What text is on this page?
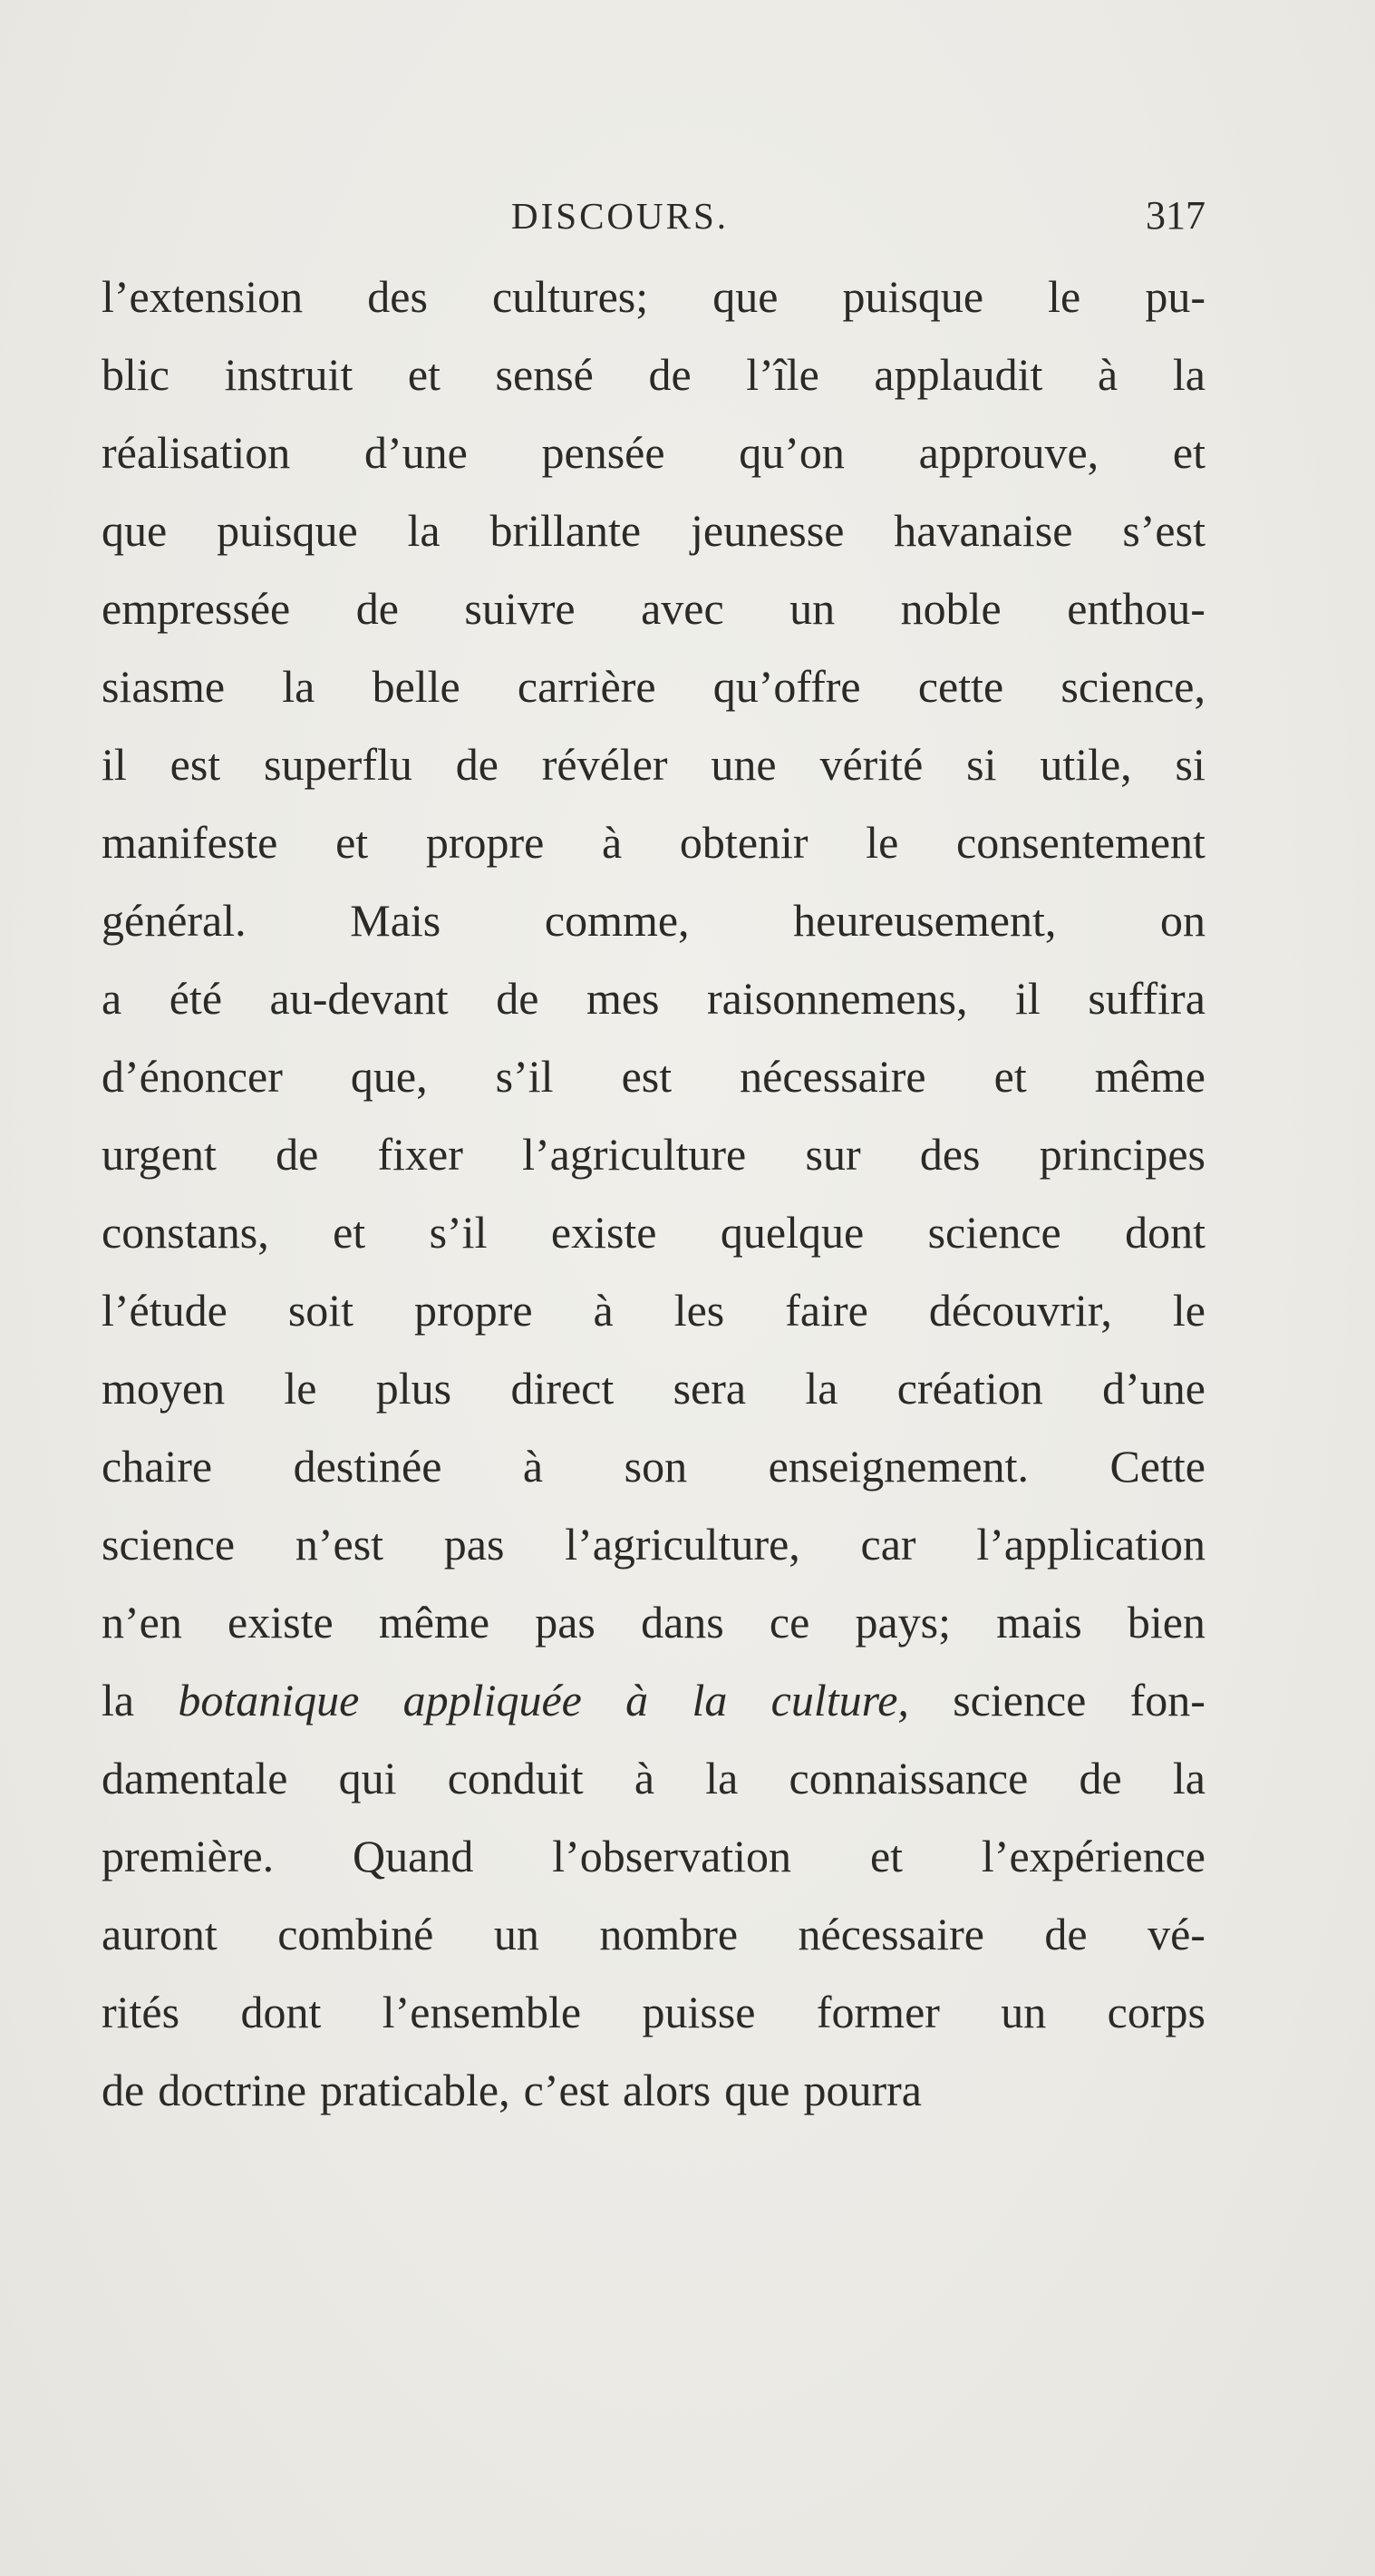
DISCOURS.	317
l’extension des cultures; que puisque le pu-
blic instruit et sensé de l’île applaudit à la
réalisation d’une pensée qu’on approuve, et
que puisque la brillante jeunesse havanaise s’est
empressée de suivre avec un noble enthou-
siasme la belle carrière qu’offre cette science,
il est superflu de révéler une vérité si utile, si
manifeste et propre à obtenir le consentement
général. Mais comme, heureusement, on
a été au-devant de mes raisonnemens, il suffira
d’énoncer que, s’il est nécessaire et même
urgent de fixer l’agriculture sur des principes
constans, et s’il existe quelque science dont
l’étude soit propre à les faire découvrir, le
moyen le plus direct sera la création d’une
chaire destinée à son enseignement. Cette
science n’est pas l’agriculture, car l’application
n’en existe même pas dans ce pays; mais bien
la botanique appliquée à la culture, science fon-
damentale qui conduit à la connaissance de la
première. Quand l’observation et l’expérience
auront combiné un nombre nécessaire de vé-
rités dont l’ensemble puisse former un corps
de doctrine praticable, c’est alors que pourra
